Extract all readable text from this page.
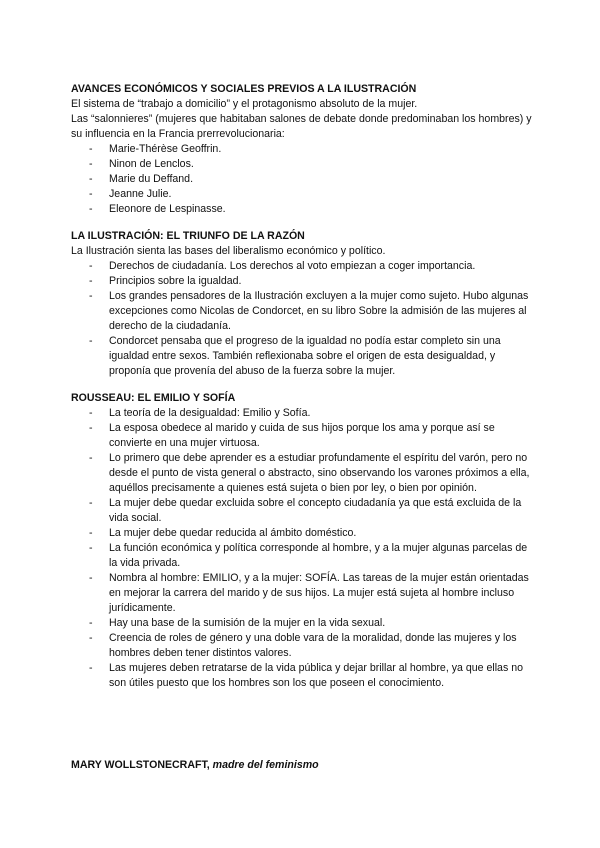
AVANCES ECONÓMICOS Y SOCIALES PREVIOS A LA ILUSTRACIÓN

El sistema de “trabajo a domicilio” y el protagonismo absoluto de la mujer.

Las “salonnieres” (mujeres que habitaban salones de debate donde predominaban los hombres) y su influencia en la Francia prerrevolucionaria:

- Marie-Thérèse Geoffrin.
- Ninon de Lenclos.
- Marie du Deffand.
- Jeanne Julie.
- Eleonore de Lespinasse.

LA ILUSTRACIÓN: EL TRIUNFO DE LA RAZÓN

La Ilustración sienta las bases del liberalismo económico y político.

- Derechos de ciudadanía. Los derechos al voto empiezan a coger importancia.
- Principios sobre la igualdad.
- Los grandes pensadores de la Ilustración excluyen a la mujer como sujeto. Hubo algunas excepciones como Nicolas de Condorcet, en su libro Sobre la admisión de las mujeres al derecho de la ciudadanía.
- Condorcet pensaba que el progreso de la igualdad no podía estar completo sin una igualdad entre sexos. También reflexionaba sobre el origen de esta desigualdad, y proponía que provenía del abuso de la fuerza sobre la mujer.

ROUSSEAU: EL EMILIO Y SOFÍA

- La teoría de la desigualdad: Emilio y Sofía.
- La esposa obedece al marido y cuida de sus hijos porque los ama y porque así se convierte en una mujer virtuosa.
- Lo primero que debe aprender es a estudiar profundamente el espíritu del varón, pero no desde el punto de vista general o abstracto, sino observando los varones próximos a ella, aquéllos precisamente a quienes está sujeta o bien por ley, o bien por opinión.
- La mujer debe quedar excluida sobre el concepto ciudadanía ya que está excluida de la vida social.
- La mujer debe quedar reducida al ámbito doméstico.
- La función económica y política corresponde al hombre, y a la mujer algunas parcelas de la vida privada.
- Nombra al hombre: EMILIO, y a la mujer: SOFÍA. Las tareas de la mujer están orientadas en mejorar la carrera del marido y de sus hijos. La mujer está sujeta al hombre incluso jurídicamente.
- Hay una base de la sumisión de la mujer en la vida sexual.
- Creencia de roles de género y una doble vara de la moralidad, donde las mujeres y los hombres deben tener distintos valores.
- Las mujeres deben retratarse de la vida pública y dejar brillar al hombre, ya que ellas no son útiles puesto que los hombres son los que poseen el conocimiento.
MARY WOLLSTONECRAFT, madre del feminismo
